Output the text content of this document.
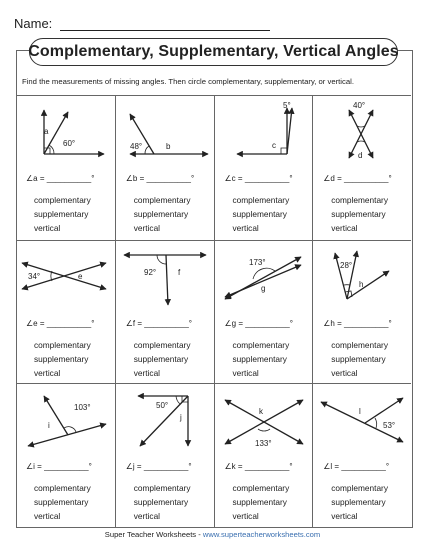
Name:
Complementary, Supplementary, Vertical Angles
Find the measurements of missing angles. Then circle complementary, supplementary, or vertical.
a
60°
∠a = __________°
complementary
supplementary
vertical
48°	b
∠b = __________°
complementary
supplementary
vertical
5°
c
∠c = __________°
complementary
supplementary
vertical
40°
d
∠d = __________°
complementary
supplementary
vertical
34°	e
∠e = __________°
complementary
supplementary
vertical
92°	f
∠f = __________°
complementary
supplementary
vertical
173°
g
∠g = __________°
complementary
supplementary
vertical
28°
h
∠h = __________°
complementary
supplementary
vertical
103°
i
∠i = __________°
complementary
supplementary
vertical
50°
j
∠j = __________°
complementary
supplementary
vertical
k
133°
∠k = __________°
complementary
supplementary
vertical
l
53°
∠l = __________°
complementary
supplementary
vertical
Super Teacher Worksheets - www.superteacherworksheets.com
